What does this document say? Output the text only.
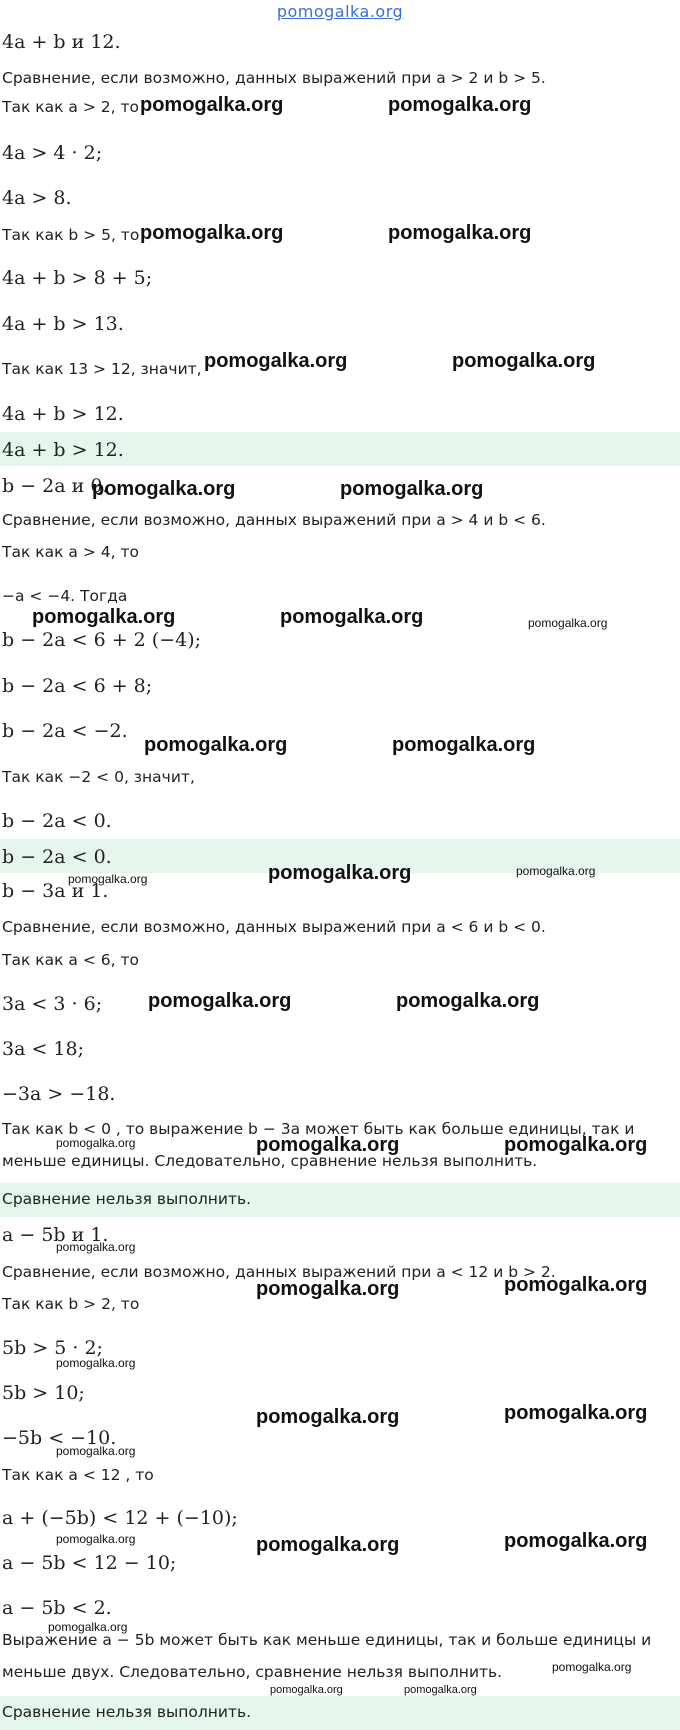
pomogalka.org
4a + b и 12.
Сравнение, если возможно, данных выражений при a > 2 и b > 5.
Так как a > 2, то
4a > 4 · 2;
4a > 8.
Так как b > 5, то
4a + b > 8 + 5;
4a + b > 13.
Так как 13 > 12, значит,
4a + b > 12.
4a + b > 12.
b − 2a и 0.
Сравнение, если возможно, данных выражений при a > 4 и b < 6.
Так как a > 4, то
−a < −4. Тогда
b − 2a < 6 + 2 (−4);
b − 2a < 6 + 8;
b − 2a < −2.
Так как −2 < 0, значит,
b − 2a < 0.
b − 2a < 0.
b − 3a и 1.
Сравнение, если возможно, данных выражений при a < 6 и b < 0.
Так как a < 6, то
3a < 3 · 6;
3a < 18;
−3a > −18.
Так как b < 0 , то выражение b − 3a может быть как больше единицы, так и меньше единицы. Следовательно, сравнение нельзя выполнить.
Сравнение нельзя выполнить.
a − 5b и 1.
Сравнение, если возможно, данных выражений при a < 12 и b > 2.
Так как b > 2, то
5b > 5 · 2;
5b > 10;
−5b < −10.
Так как a < 12 , то
a + (−5b) < 12 + (−10);
a − 5b < 12 − 10;
a − 5b < 2.
Выражение a − 5b может быть как меньше единицы, так и больше единицы и меньше двух. Следовательно, сравнение нельзя выполнить.
Сравнение нельзя выполнить.
pomogalka.org	pomogalka.org
pomogalka.org	pomogalka.org
pomogalka.org	pomogalka.org
pomogalka.org	pomogalka.org
pomogalka.org	pomogalka.org	pomogalka.org
pomogalka.org	pomogalka.org
pomogalka.org	pomogalka.org	pomogalka.org
pomogalka.org	pomogalka.org
pomogalka.org	pomogalka.org	pomogalka.org
pomogalka.org
pomogalka.org	pomogalka.org
pomogalka.org
pomogalka.org	pomogalka.org
pomogalka.org
pomogalka.org	pomogalka.org	pomogalka.org
pomogalka.org
pomogalka.org
pomogalka.org	pomogalka.org
